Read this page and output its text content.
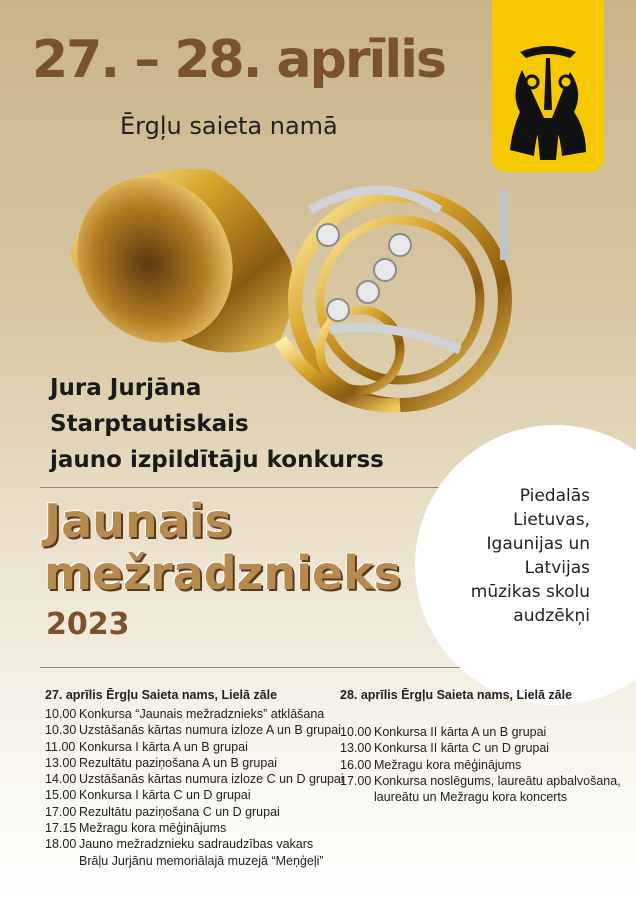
27. – 28. aprīlis
Ērgļu saieta namā
Jura Jurjāna
Starptautiskais
jauno izpildītāju konkurss
Piedalās
Lietuvas,
Igaunijas un
Latvijas
mūzikas skolu
audzēkņi
Jaunais
mežradznieks
2023
27. aprīlis Ērgļu Saieta nams, Lielā zāle
10.00 Konkursa “Jaunais mežradznieks” atklāšana
10.30 Uzstāšanās kārtas numura izloze A un B grupai
11.00 Konkursa I kārta A un B grupai
13.00 Rezultātu paziņošana A un B grupai
14.00 Uzstāšanās kārtas numura izloze C un D grupai
15.00 Konkursa I kārta C un D grupai
17.00 Rezultātu paziņošana C un D grupai
17.15 Mežragu kora mēģinājums
18.00 Jauno mežradznieku sadraudzības vakars
Brāļu Jurjānu memoriālajā muzejā “Meņģeļi”
28. aprīlis Ērgļu Saieta nams, Lielā zāle
10.00 Konkursa II kārta A un B grupai
13.00 Konkursa II kārta C un D grupai
16.00 Mežragu kora mēģinājums
17.00 Konkursa noslēgums, laureātu apbalvošana,
laureātu un Mežragu kora koncerts
